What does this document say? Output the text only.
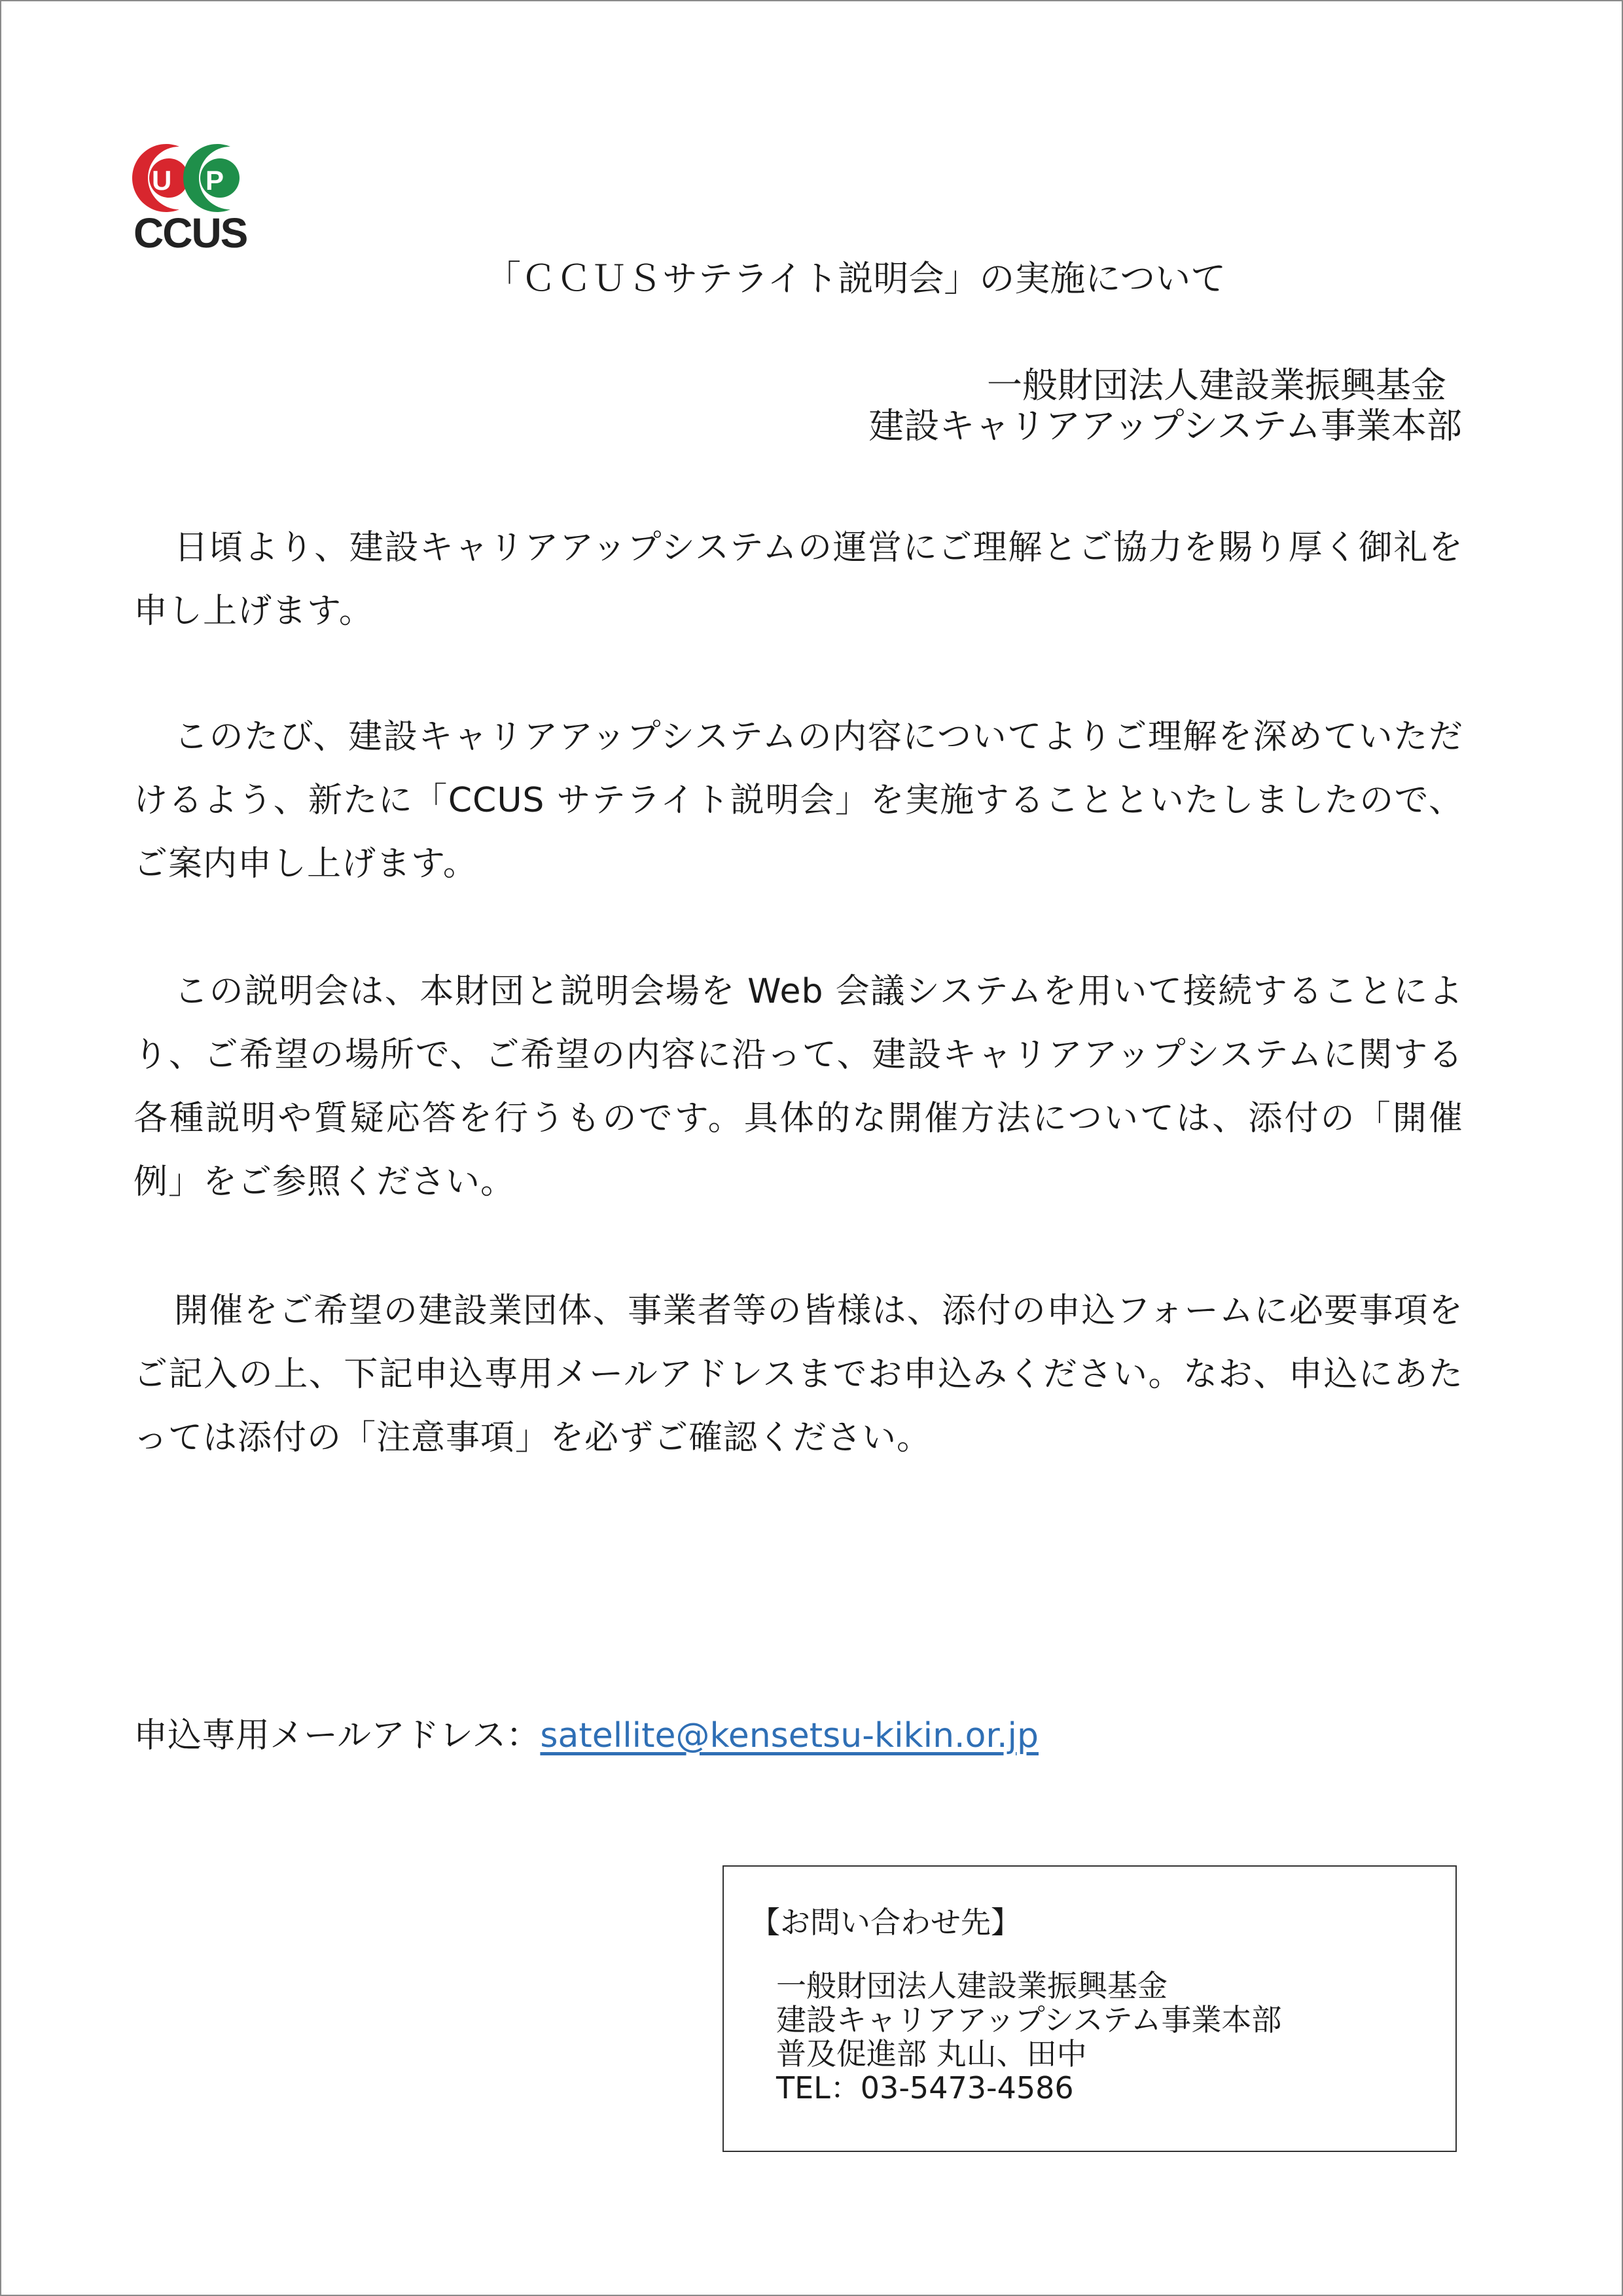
U P
CCUS
「ＣＣＵＳサテライト説明会」の実施について
一般財団法人建設業振興基金
建設キャリアアップシステム事業本部

日頃より、建設キャリアアップシステムの運営にご理解とご協力を賜り厚く御礼を申し上げます。

このたび、建設キャリアアップシステムの内容についてよりご理解を深めていただけるよう、新たに「CCUS サテライト説明会」を実施することといたしましたので、ご案内申し上げます。

この説明会は、本財団と説明会場を Web 会議システムを用いて接続することにより、ご希望の場所で、ご希望の内容に沿って、建設キャリアアップシステムに関する各種説明や質疑応答を行うものです。具体的な開催方法については、添付の「開催例」をご参照ください。

開催をご希望の建設業団体、事業者等の皆様は、添付の申込フォームに必要事項をご記入の上、下記申込専用メールアドレスまでお申込みください。なお、申込にあたっては添付の「注意事項」を必ずご確認ください。

申込専用メールアドレス：satellite@kensetsu-kikin.or.jp
【お問い合わせ先】
一般財団法人建設業振興基金
建設キャリアアップシステム事業本部
普及促進部 丸山、田中
TEL：03-5473-4586
